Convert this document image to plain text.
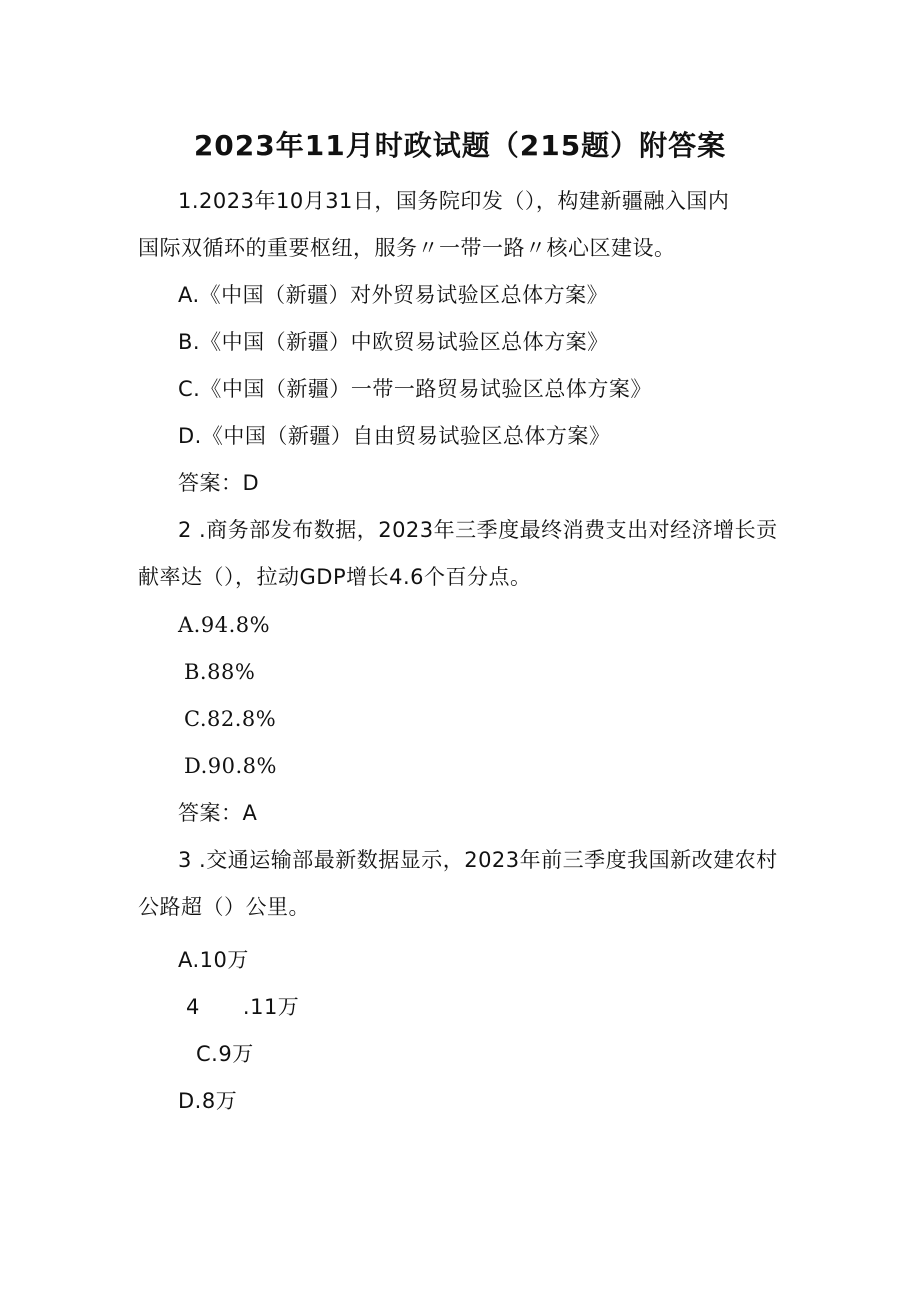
2023年11月时政试题（215题）附答案
1.2023年10月31日，国务院印发（），构建新疆融入国内
国际双循环的重要枢纽，服务〃一带一路〃核心区建设。
A.《中国（新疆）对外贸易试验区总体方案》
B.《中国（新疆）中欧贸易试验区总体方案》
C.《中国（新疆）一带一路贸易试验区总体方案》
D.《中国（新疆）自由贸易试验区总体方案》
答案：D
2 .商务部发布数据，2023年三季度最终消费支出对经济增长贡
献率达（），拉动GDP增长4.6个百分点。
A.94.8%
B.88%
C.82.8%
D.90.8%
答案：A
3 .交通运输部最新数据显示，2023年前三季度我国新改建农村
公路超（）公里。
A.10万
4      .11万
C.9万
D.8万
